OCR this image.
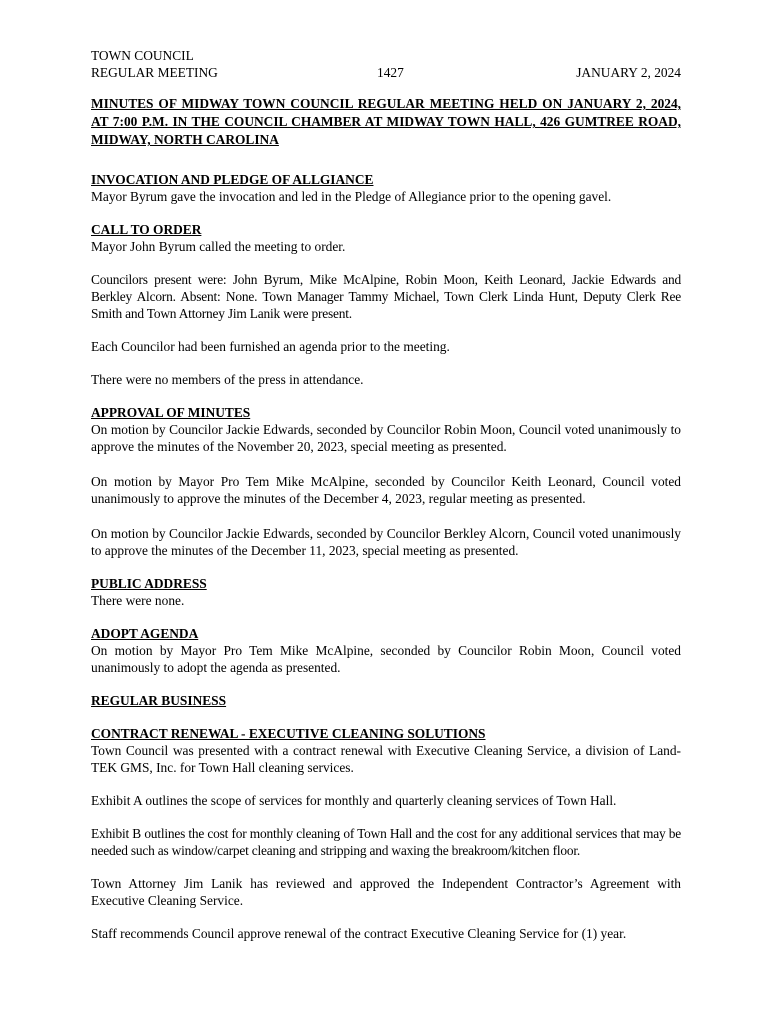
TOWN COUNCIL
REGULAR MEETING	1427	JANUARY 2, 2024
MINUTES OF MIDWAY TOWN COUNCIL REGULAR MEETING HELD ON JANUARY 2, 2024, AT 7:00 P.M. IN THE COUNCIL CHAMBER AT MIDWAY TOWN HALL, 426 GUMTREE ROAD, MIDWAY, NORTH CAROLINA
INVOCATION AND PLEDGE OF ALLGIANCE
Mayor Byrum gave the invocation and led in the Pledge of Allegiance prior to the opening gavel.
CALL TO ORDER
Mayor John Byrum called the meeting to order.
Councilors present were: John Byrum, Mike McAlpine, Robin Moon, Keith Leonard, Jackie Edwards and Berkley Alcorn. Absent: None. Town Manager Tammy Michael, Town Clerk Linda Hunt, Deputy Clerk Ree Smith and Town Attorney Jim Lanik were present.
Each Councilor had been furnished an agenda prior to the meeting.
There were no members of the press in attendance.
APPROVAL OF MINUTES
On motion by Councilor Jackie Edwards, seconded by Councilor Robin Moon, Council voted unanimously to approve the minutes of the November 20, 2023, special meeting as presented.
On motion by Mayor Pro Tem Mike McAlpine, seconded by Councilor Keith Leonard, Council voted unanimously to approve the minutes of the December 4, 2023, regular meeting as presented.
On motion by Councilor Jackie Edwards, seconded by Councilor Berkley Alcorn, Council voted unanimously to approve the minutes of the December 11, 2023, special meeting as presented.
PUBLIC ADDRESS
There were none.
ADOPT AGENDA
On motion by Mayor Pro Tem Mike McAlpine, seconded by Councilor Robin Moon, Council voted unanimously to adopt the agenda as presented.
REGULAR BUSINESS
CONTRACT RENEWAL - EXECUTIVE CLEANING SOLUTIONS
Town Council was presented with a contract renewal with Executive Cleaning Service, a division of Land-TEK GMS, Inc. for Town Hall cleaning services.
Exhibit A outlines the scope of services for monthly and quarterly cleaning services of Town Hall.
Exhibit B outlines the cost for monthly cleaning of Town Hall and the cost for any additional services that may be needed such as window/carpet cleaning and stripping and waxing the breakroom/kitchen floor.
Town Attorney Jim Lanik has reviewed and approved the Independent Contractor’s Agreement with Executive Cleaning Service.
Staff recommends Council approve renewal of the contract Executive Cleaning Service for (1) year.
